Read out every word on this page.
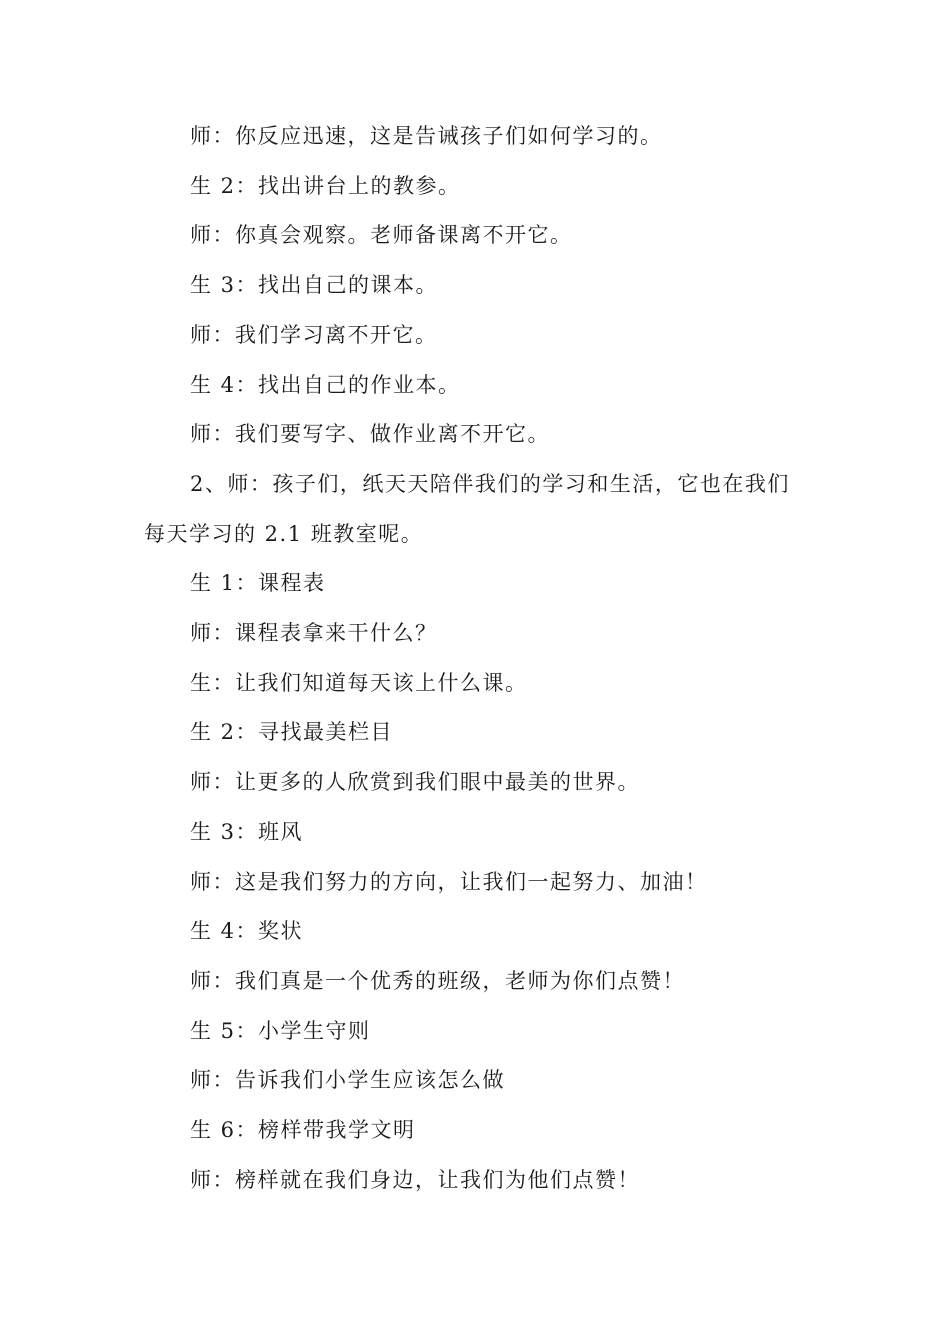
师：你反应迅速，这是告诫孩子们如何学习的。

生 2：找出讲台上的教参。

师：你真会观察。老师备课离不开它。

生 3：找出自己的课本。

师：我们学习离不开它。

生 4：找出自己的作业本。

师：我们要写字、做作业离不开它。

2、师：孩子们，纸天天陪伴我们的学习和生活，它也在我们每天学习的 2.1 班教室呢。

生 1：课程表

师：课程表拿来干什么？

生：让我们知道每天该上什么课。

生 2：寻找最美栏目

师：让更多的人欣赏到我们眼中最美的世界。

生 3：班风

师：这是我们努力的方向，让我们一起努力、加油！

生 4：奖状

师：我们真是一个优秀的班级，老师为你们点赞！

生 5：小学生守则

师：告诉我们小学生应该怎么做

生 6：榜样带我学文明

师：榜样就在我们身边，让我们为他们点赞！
